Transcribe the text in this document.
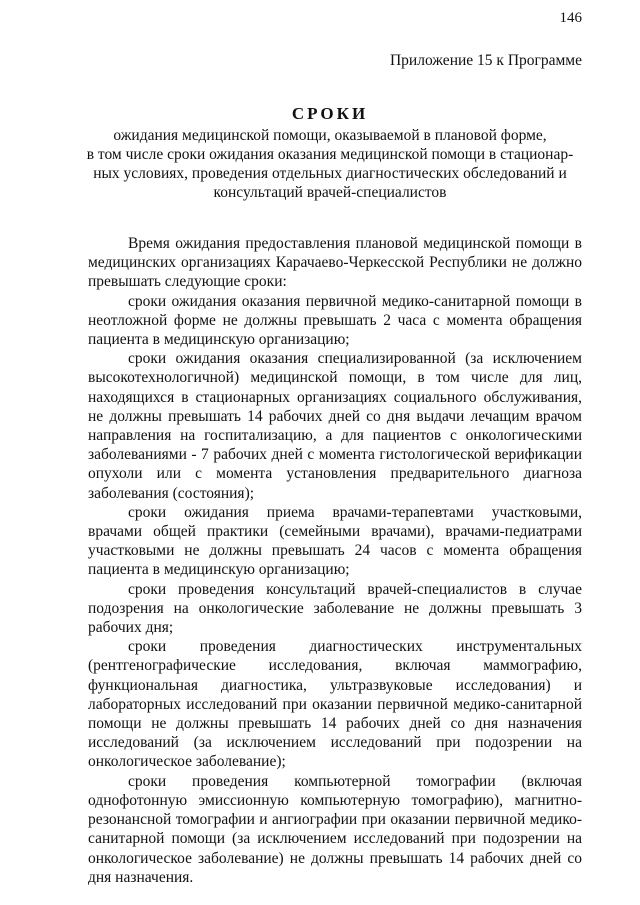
146
Приложение 15 к Программе

СРОКИ

ожидания медицинской помощи, оказываемой в плановой форме,

в том числе сроки ожидания оказания медицинской помощи в стационар-

ных условиях, проведения отдельных диагностических обследований и

консультаций врачей-специалистов

Время ожидания предоставления плановой медицинской помощи в медицинских организациях Карачаево-Черкесской Республики не должно превышать следующие сроки:

сроки ожидания оказания первичной медико-санитарной помощи в неотложной форме не должны превышать 2 часа с момента обращения пациента в медицинскую организацию;

сроки ожидания оказания специализированной (за исключением высокотехнологичной) медицинской помощи, в том числе для лиц, находящихся в стационарных организациях социального обслуживания, не должны превышать 14 рабочих дней со дня выдачи лечащим врачом направления на госпитализацию, а для пациентов с онкологическими заболеваниями - 7 рабочих дней с момента гистологической верификации опухоли или с момента установления предварительного диагноза заболевания (состояния);

сроки ожидания приема врачами-терапевтами участковыми, врачами общей практики (семейными врачами), врачами-педиатрами участковыми не должны превышать 24 часов с момента обращения пациента в медицинскую организацию;

сроки проведения консультаций врачей-специалистов в случае подозрения на онкологические заболевание не должны превышать 3 рабочих дня;

сроки проведения диагностических инструментальных (рентгенографические исследования, включая маммографию, функциональная диагностика, ультразвуковые исследования) и лабораторных исследований при оказании первичной медико-санитарной помощи не должны превышать 14 рабочих дней со дня назначения исследований (за исключением исследований при подозрении на онкологическое заболевание);

сроки проведения компьютерной томографии (включая однофотонную эмиссионную компьютерную томографию), магнитно-резонансной томографии и ангиографии при оказании первичной медико-санитарной помощи (за исключением исследований при подозрении на онкологическое заболевание) не должны превышать 14 рабочих дней со дня назначения.
